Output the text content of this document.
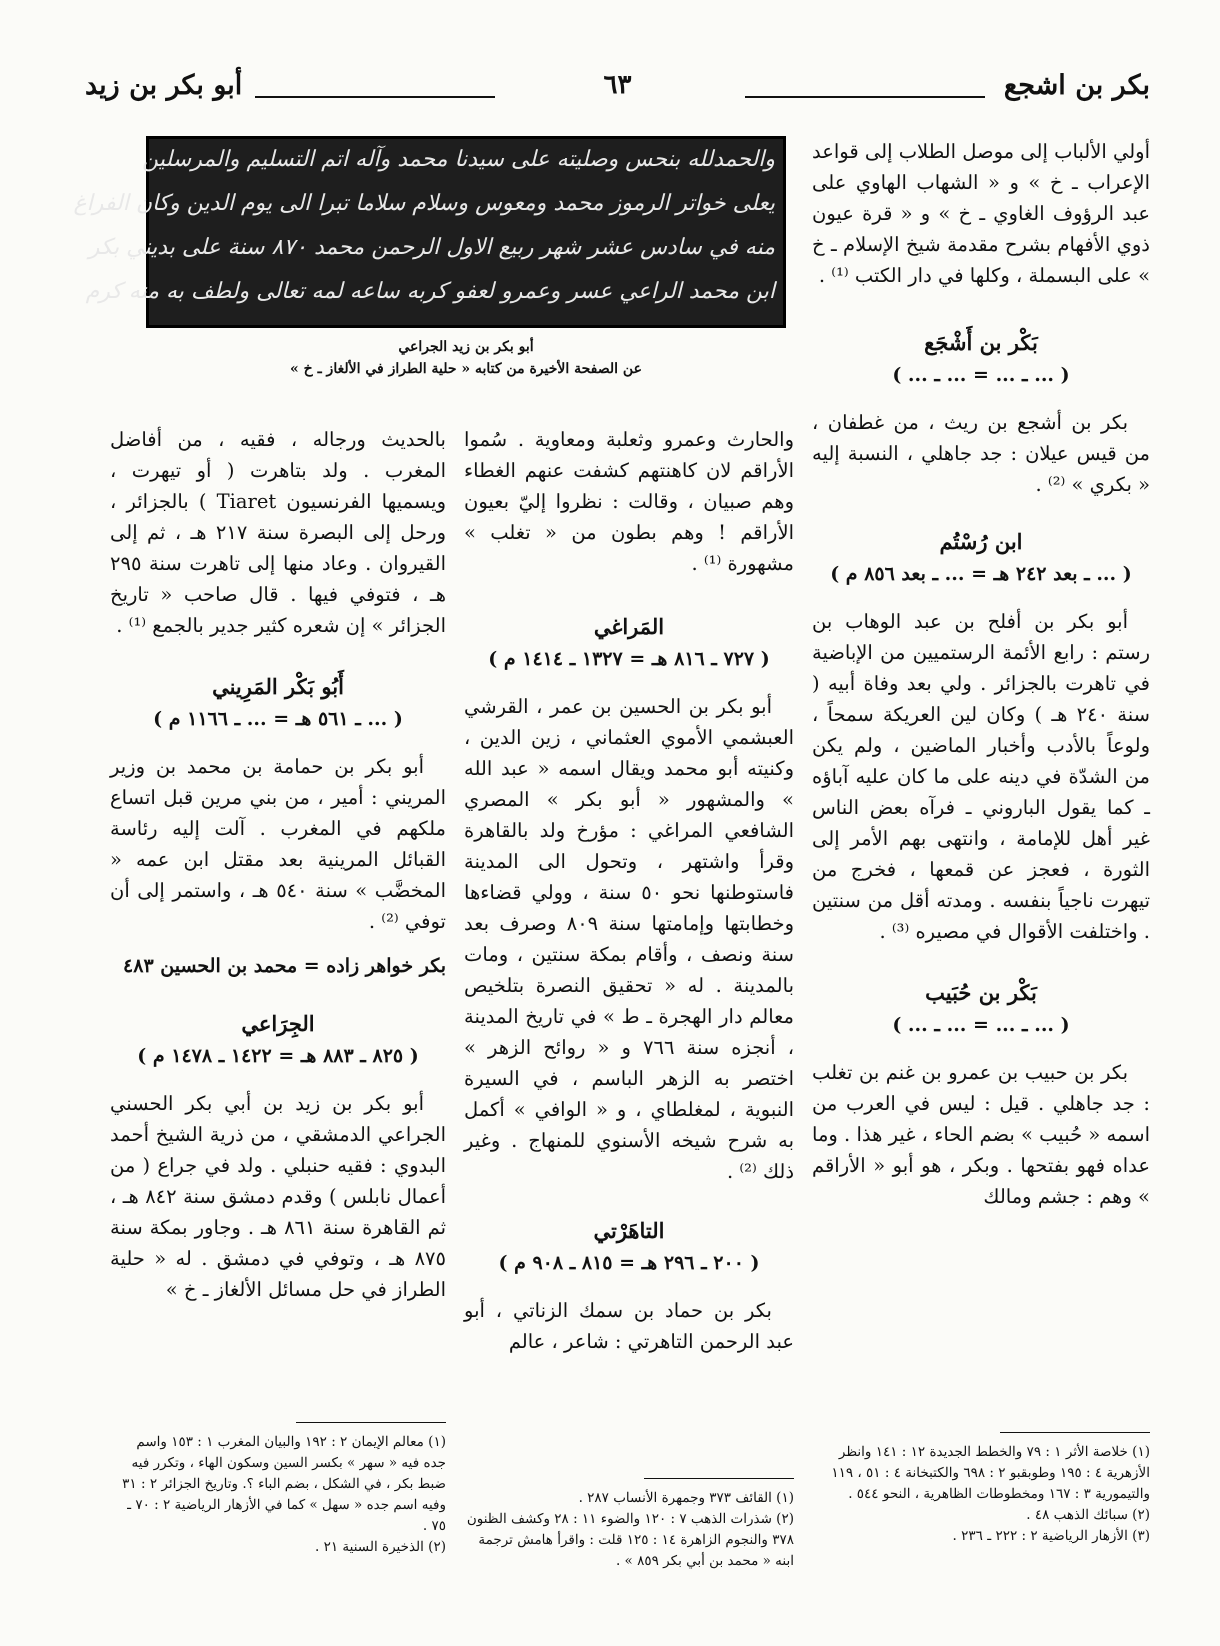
بكر بن اشجع
٦٣
أبو بكر بن زيد
والحمدلله بنحس وصليته على سيدنا محمد وآله اتم التسليم والمرسلين
يعلى خواتر الرموز محمد ومعوس وسلام سلاما تبرا الى يوم الدين وكان الفراغ
منه في سادس عشر شهر ربيع الاول الرحمن محمد ٨٧٠ سنة على بديني بكر
ابن محمد الراعي عسر وعمرو لعفو كربه ساعه لمه تعالى ولطف به منه كرم
أبو بكر بن زيد الجراعي
عن الصفحة الأخيرة من كتابه « حلية الطراز في الألغاز ـ خ »

أولي الألباب إلى موصل الطلاب إلى قواعد الإعراب ـ خ » و « الشهاب الهاوي على عبد الرؤوف الغاوي ـ خ » و « قرة عيون ذوي الأفهام بشرح مقدمة شيخ الإسلام ـ خ » على البسملة ، وكلها في دار الكتب ⁽¹⁾ .

بَكْر بن أَشْجَع
( ... ـ ... = ... ـ ... )

بكر بن أشجع بن ريث ، من غطفان ، من قيس عيلان : جد جاهلي ، النسبة إليه « بكري » ⁽²⁾ .

ابن رُسْتُم
( ... ـ بعد ٢٤٢ هـ = ... ـ بعد ٨٥٦ م )

أبو بكر بن أفلح بن عبد الوهاب بن رستم : رابع الأئمة الرستميين من الإباضية في تاهرت بالجزائر . ولي بعد وفاة أبيه ( سنة ٢٤٠ هـ ) وكان لين العريكة سمحاً ، ولوعاً بالأدب وأخبار الماضين ، ولم يكن من الشدّة في دينه على ما كان عليه آباؤه ـ كما يقول الباروني ـ فرآه بعض الناس غير أهل للإمامة ، وانتهى بهم الأمر إلى الثورة ، فعجز عن قمعها ، فخرج من تيهرت ناجياً بنفسه . ومدته أقل من سنتين . واختلفت الأقوال في مصيره ⁽³⁾ .

بَكْر بن حُبَيب
( ... ـ ... = ... ـ ... )

بكر بن حبيب بن عمرو بن غنم بن تغلب : جد جاهلي . قيل : ليس في العرب من اسمه « حُبيب » بضم الحاء ، غير هذا . وما عداه فهو بفتحها . وبكر ، هو أبو « الأراقم » وهم : جشم ومالك

والحارث وعمرو وثعلبة ومعاوية . سُموا الأراقم لان كاهنتهم كشفت عنهم الغطاء وهم صبيان ، وقالت : نظروا إليّ بعيون الأراقم ! وهم بطون من « تغلب » مشهورة ⁽¹⁾ .

المَراغي
( ٧٢٧ ـ ٨١٦ هـ = ١٣٢٧ ـ ١٤١٤ م )

أبو بكر بن الحسين بن عمر ، القرشي العبشمي الأموي العثماني ، زين الدين ، وكنيته أبو محمد ويقال اسمه « عبد الله » والمشهور « أبو بكر » المصري الشافعي المراغي : مؤرخ ولد بالقاهرة وقرأ واشتهر ، وتحول الى المدينة فاستوطنها نحو ٥٠ سنة ، وولي قضاءها وخطابتها وإمامتها سنة ٨٠٩ وصرف بعد سنة ونصف ، وأقام بمكة سنتين ، ومات بالمدينة . له « تحقيق النصرة بتلخيص معالم دار الهجرة ـ ط » في تاريخ المدينة ، أنجزه سنة ٧٦٦ و « روائح الزهر » اختصر به الزهر الباسم ، في السيرة النبوية ، لمغلطاي ، و « الوافي » أكمل به شرح شيخه الأسنوي للمنهاج . وغير ذلك ⁽²⁾ .

التاهَرْتي
( ٢٠٠ ـ ٢٩٦ هـ = ٨١٥ ـ ٩٠٨ م )

بكر بن حماد بن سمك الزناتي ، أبو عبد الرحمن التاهرتي : شاعر ، عالم

بالحديث ورجاله ، فقيه ، من أفاضل المغرب . ولد بتاهرت ( أو تيهرت ، ويسميها الفرنسيون Tiaret ) بالجزائر ، ورحل إلى البصرة سنة ٢١٧ هـ ، ثم إلى القيروان . وعاد منها إلى تاهرت سنة ٢٩٥ هـ ، فتوفي فيها . قال صاحب « تاريخ الجزائر » إن شعره كثير جدير بالجمع ⁽¹⁾ .

أَبُو بَكْر المَرِيني
( ... ـ ٥٦١ هـ = ... ـ ١١٦٦ م )

أبو بكر بن حمامة بن محمد بن وزير المريني : أمير ، من بني مرين قبل اتساع ملكهم في المغرب . آلت إليه رئاسة القبائل المرينية بعد مقتل ابن عمه « المخضَّب » سنة ٥٤٠ هـ ، واستمر إلى أن توفي ⁽²⁾ .

بكر خواهر زاده = محمد بن الحسين ٤٨٣
الجِرَاعي
( ٨٢٥ ـ ٨٨٣ هـ = ١٤٢٢ ـ ١٤٧٨ م )

أبو بكر بن زيد بن أبي بكر الحسني الجراعي الدمشقي ، من ذرية الشيخ أحمد البدوي : فقيه حنبلي . ولد في جراع ( من أعمال نابلس ) وقدم دمشق سنة ٨٤٢ هـ ، ثم القاهرة سنة ٨٦١ هـ . وجاور بمكة سنة ٨٧٥ هـ ، وتوفي في دمشق . له « حلية الطراز في حل مسائل الألغاز ـ خ »

(١) خلاصة الأثر ١ : ٧٩ والخطط الجديدة ١٢ : ١٤١ وانظر الأزهرية ٤ : ١٩٥ وطوبقبو ٢ : ٦٩٨ والكتبخانة ٤ : ٥١ ، ١١٩ والتيمورية ٣ : ١٦٧ ومخطوطات الظاهرية ، النحو ٥٤٤ .
(٢) سبائك الذهب ٤٨ .
(٣) الأزهار الرياضية ٢ : ٢٢٢ ـ ٢٣٦ .
(١) القائف ٣٧٣ وجمهرة الأنساب ٢٨٧ .
(٢) شذرات الذهب ٧ : ١٢٠ والضوء ١١ : ٢٨ وكشف الظنون ٣٧٨ والنجوم الزاهرة ١٤ : ١٢٥ قلت : واقرأ هامش ترجمة ابنه « محمد بن أبي بكر ٨٥٩ » .
(١) معالم الإيمان ٢ : ١٩٢ والبيان المغرب ١ : ١٥٣ واسم جده فيه « سهر » بكسر السين وسكون الهاء ، وتكرر فيه ضبط بكر ، في الشكل ، بضم الباء ؟. وتاريخ الجزائر ٢ : ٣١ وفيه اسم جده « سهل » كما في الأزهار الرياضية ٢ : ٧٠ ـ ٧٥ .
(٢) الذخيرة السنية ٢١ .
